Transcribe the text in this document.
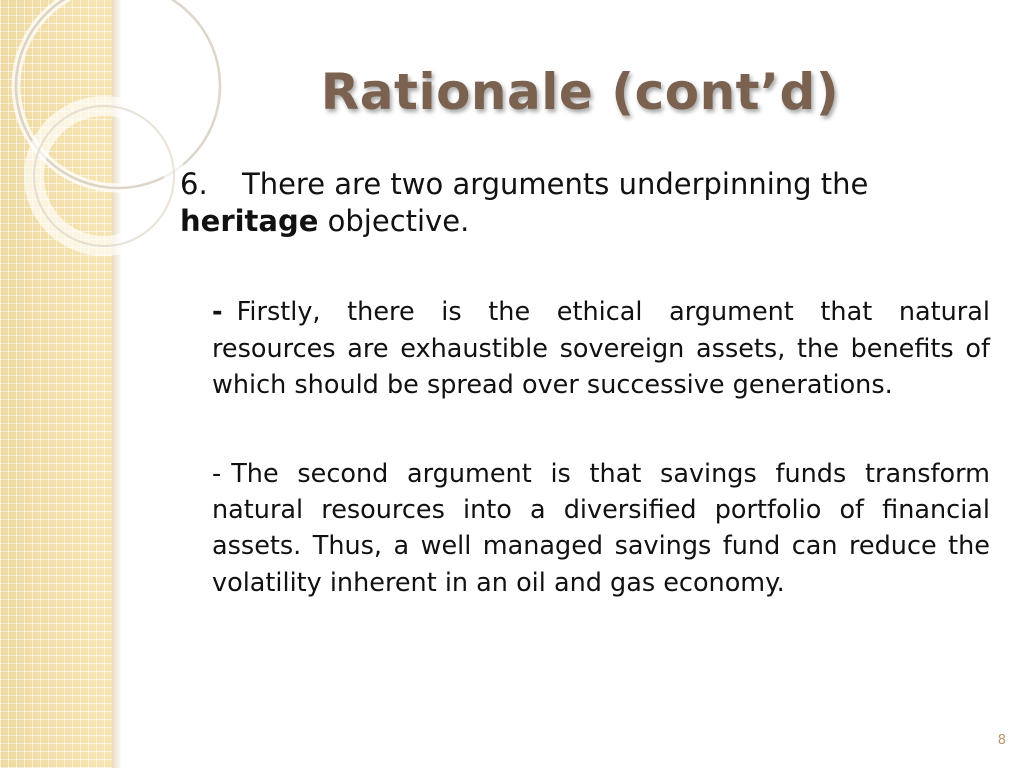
Rationale (cont’d)

6. There are two arguments underpinning the heritage objective.

- Firstly, there is the ethical argument that natural resources are exhaustible sovereign assets, the benefits of which should be spread over successive generations.

- The second argument is that savings funds transform natural resources into a diversified portfolio of financial assets. Thus, a well managed savings fund can reduce the volatility inherent in an oil and gas economy.

8
